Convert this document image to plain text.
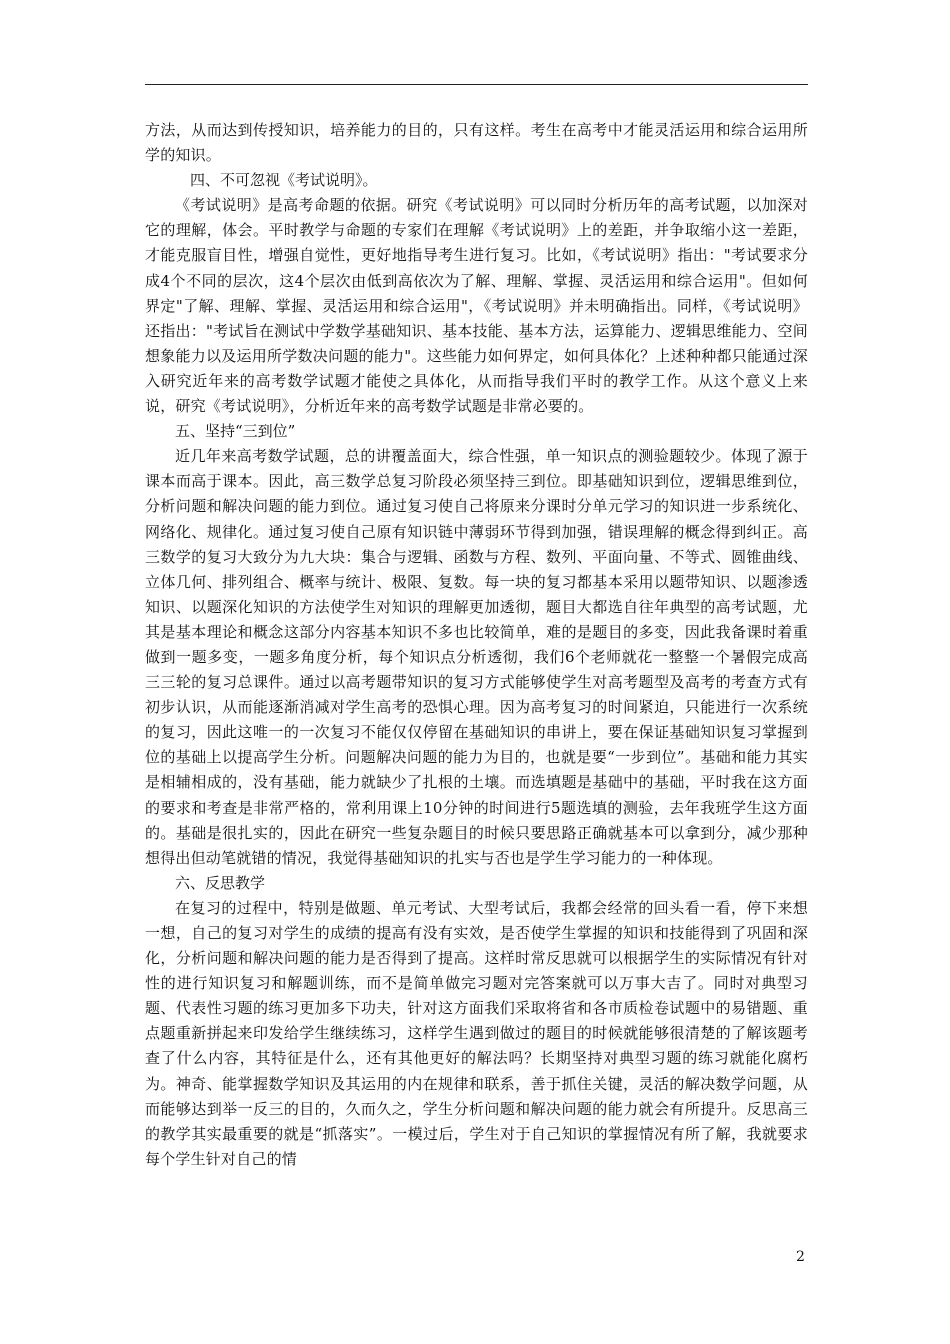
方法，从而达到传授知识，培养能力的目的，只有这样。考生在高考中才能灵活运用和综合运用所学的知识。

四、不可忽视《考试说明》。

《考试说明》是高考命题的依据。研究《考试说明》可以同时分析历年的高考试题，以加深对它的理解，体会。平时教学与命题的专家们在理解《考试说明》上的差距，并争取缩小这一差距，才能克服盲目性，增强自觉性，更好地指导考生进行复习。比如，《考试说明》指出："考试要求分成4个不同的层次，这4个层次由低到高依次为了解、理解、掌握、灵活运用和综合运用"。但如何界定"了解、理解、掌握、灵活运用和综合运用"，《考试说明》并未明确指出。同样，《考试说明》还指出："考试旨在测试中学数学基础知识、基本技能、基本方法，运算能力、逻辑思维能力、空间想象能力以及运用所学数决问题的能力"。这些能力如何界定，如何具体化？上述种种都只能通过深入研究近年来的高考数学试题才能使之具体化，从而指导我们平时的教学工作。从这个意义上来说，研究《考试说明》，分析近年来的高考数学试题是非常必要的。

五、坚持“三到位”

近几年来高考数学试题，总的讲覆盖面大，综合性强，单一知识点的测验题较少。体现了源于课本而高于课本。因此，高三数学总复习阶段必须坚持三到位。即基础知识到位，逻辑思维到位，分析问题和解决问题的能力到位。通过复习使自己将原来分课时分单元学习的知识进一步系统化、网络化、规律化。通过复习使自己原有知识链中薄弱环节得到加强，错误理解的概念得到纠正。高三数学的复习大致分为九大块：集合与逻辑、函数与方程、数列、平面向量、不等式、圆锥曲线、立体几何、排列组合、概率与统计、极限、复数。每一块的复习都基本采用以题带知识、以题渗透知识、以题深化知识的方法使学生对知识的理解更加透彻，题目大都选自往年典型的高考试题，尤其是基本理论和概念这部分内容基本知识不多也比较简单，难的是题目的多变，因此我备课时着重做到一题多变，一题多角度分析，每个知识点分析透彻，我们6个老师就花一整整一个暑假完成高三三轮的复习总课件。通过以高考题带知识的复习方式能够使学生对高考题型及高考的考查方式有初步认识，从而能逐渐消减对学生高考的恐惧心理。因为高考复习的时间紧迫，只能进行一次系统的复习，因此这唯一的一次复习不能仅仅停留在基础知识的串讲上，要在保证基础知识复习掌握到位的基础上以提高学生分析。问题解决问题的能力为目的，也就是要“一步到位”。基础和能力其实是相辅相成的，没有基础，能力就缺少了扎根的土壤。而选填题是基础中的基础，平时我在这方面的要求和考查是非常严格的，常利用课上10分钟的时间进行5题选填的测验，去年我班学生这方面的。基础是很扎实的，因此在研究一些复杂题目的时候只要思路正确就基本可以拿到分，减少那种想得出但动笔就错的情况，我觉得基础知识的扎实与否也是学生学习能力的一种体现。

六、反思教学

在复习的过程中，特别是做题、单元考试、大型考试后，我都会经常的回头看一看，停下来想一想，自己的复习对学生的成绩的提高有没有实效，是否使学生掌握的知识和技能得到了巩固和深化，分析问题和解决问题的能力是否得到了提高。这样时常反思就可以根据学生的实际情况有针对性的进行知识复习和解题训练，而不是简单做完习题对完答案就可以万事大吉了。同时对典型习题、代表性习题的练习更加多下功夫，针对这方面我们采取将省和各市质检卷试题中的易错题、重点题重新拼起来印发给学生继续练习，这样学生遇到做过的题目的时候就能够很清楚的了解该题考查了什么内容，其特征是什么，还有其他更好的解法吗？长期坚持对典型习题的练习就能化腐朽为。神奇、能掌握数学知识及其运用的内在规律和联系，善于抓住关键，灵活的解决数学问题，从而能够达到举一反三的目的，久而久之，学生分析问题和解决问题的能力就会有所提升。反思高三的教学其实最重要的就是“抓落实”。一模过后，学生对于自己知识的掌握情况有所了解，我就要求每个学生针对自己的情

2
